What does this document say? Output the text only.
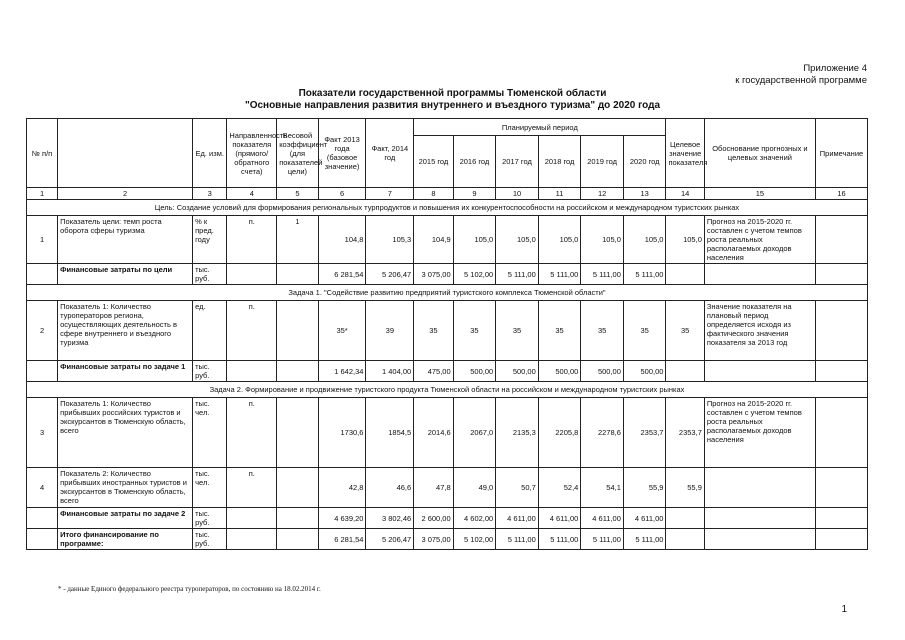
Приложение 4
к государственной программе
Показатели государственной программы Тюменской области
"Основные направления развития внутреннего и въездного туризма" до 2020 года
№ п/п		Ед. изм.	Направленность показателя (прямого/обратного счета)	Весовой коэффициент (для показателей цели)	Факт 2013 года (базовое значение)	Факт, 2014 год	Планируемый период						Целевое значение показателя	Обоснование прогнозных и целевых значений	Примечание
							2015 год	2016 год	2017 год	2018 год	2019 год	2020 год			
1	2	3	4	5	6	7	8	9	10	11	12	13	14	15	16
Цель: Создание условий для формирования региональных турпродуктов и повышения их конкурентоспособности на российском и международном туристских рынках															
1	Показатель цели: темп роста оборота сферы туризма	% к пред. году	п.	1	104,8	105,3	104,9	105,0	105,0	105,0	105,0	105,0	105,0	Прогноз на 2015-2020 гг. составлен с учетом темпов роста реальных располагаемых доходов населения	
	Финансовые затраты по цели	тыс. руб.			6 281,54	5 206,47	3 075,00	5 102,00	5 111,00	5 111,00	5 111,00	5 111,00			
Задача 1. "Содействие развитию предприятий туристского комплекса Тюменской области"															
2	Показатель 1: Количество туроператоров региона, осуществляющих деятельность в сфере внутреннего и въездного туризма	ед.	п.		35*	39	35	35	35	35	35	35	35	Значение показателя на плановый период определяется исходя из фактического значения показателя за 2013 год	
	Финансовые затраты по задаче 1	тыс. руб.			1 642,34	1 404,00	475,00	500,00	500,00	500,00	500,00	500,00			
Задача 2. Формирование и продвижение туристского продукта Тюменской области на российском и международном туристских рынках															
3	Показатель 1: Количество прибывших российских туристов и экскурсантов в Тюменскую область, всего	тыс. чел.	п.		1730,6	1854,5	2014,6	2067,0	2135,3	2205,8	2278,6	2353,7	2353,7	Прогноз на 2015-2020 гг. составлен с учетом темпов роста реальных располагаемых доходов населения	
4	Показатель 2: Количество прибывших иностранных туристов и экскурсантов в Тюменскую область, всего	тыс. чел.	п.		42,8	46,6	47,8	49,0	50,7	52,4	54,1	55,9	55,9		
	Финансовые затраты по задаче 2	тыс. руб.			4 639,20	3 802,46	2 600,00	4 602,00	4 611,00	4 611,00	4 611,00	4 611,00			
	Итого финансирование по программе:	тыс. руб.			6 281,54	5 206,47	3 075,00	5 102,00	5 111,00	5 111,00	5 111,00	5 111,00			
* - данные Единого федерального реестра туроператоров, по состоянию на 18.02.2014 г.
1
